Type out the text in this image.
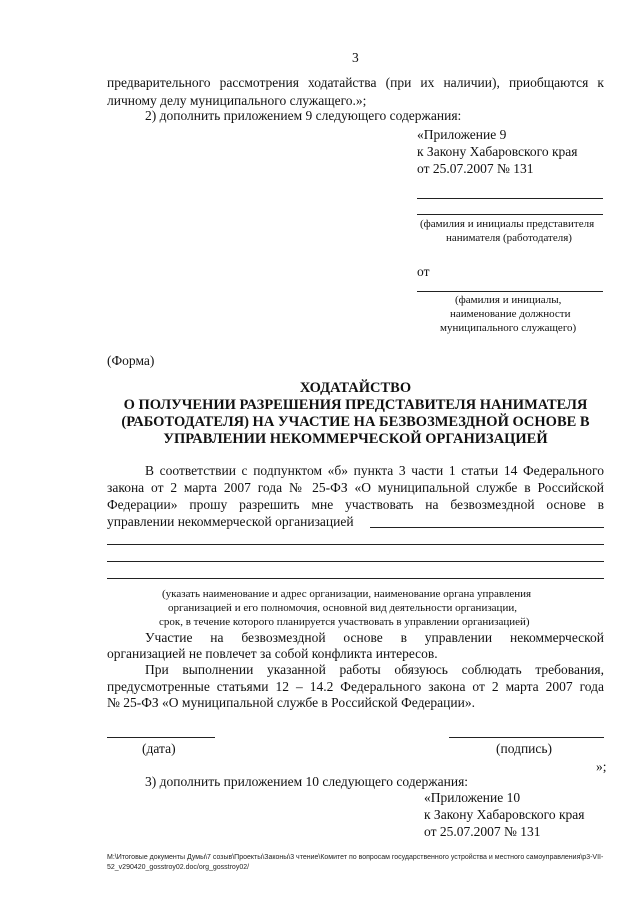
3
предварительного рассмотрения ходатайства (при их наличии), приобщаются к
личному делу муниципального служащего.»;
2) дополнить приложением 9 следующего содержания:
«Приложение 9
к Закону Хабаровского края
от 25.07.2007 № 131
(фамилия и инициалы представителя
нанимателя (работодателя)
от
(фамилия и инициалы,
наименование должности
муниципального служащего)
(Форма)
ХОДАТАЙСТВО
О ПОЛУЧЕНИИ РАЗРЕШЕНИЯ ПРЕДСТАВИТЕЛЯ НАНИМАТЕЛЯ
(РАБОТОДАТЕЛЯ) НА УЧАСТИЕ НА БЕЗВОЗМЕЗДНОЙ ОСНОВЕ В
УПРАВЛЕНИИ НЕКОММЕРЧЕСКОЙ ОРГАНИЗАЦИЕЙ
В соответствии с подпунктом «б» пункта 3 части 1 статьи 14 Федерального
закона от 2 марта 2007 года № 25-ФЗ «О муниципальной службе в Российской
Федерации» прошу разрешить мне участвовать на безвозмездной основе в
управлении некоммерческой организацией
(указать наименование и адрес организации, наименование органа управления
организацией и его полномочия, основной вид деятельности организации,
срок, в течение которого планируется участвовать в управлении организацией)
Участие на безвозмездной основе в управлении некоммерческой
организацией не повлечет за собой конфликта интересов.
При выполнении указанной работы обязуюсь соблюдать требования,
предусмотренные статьями 12 – 14.2 Федерального закона от 2 марта 2007 года
№ 25-ФЗ «О муниципальной службе в Российской Федерации».
(дата)	(подпись)
»;
3) дополнить приложением 10 следующего содержания:
«Приложение 10
к Закону Хабаровского края
от 25.07.2007 № 131
M:\Итоговые документы Думы\7 созыв\Проекты\Законы\3 чтение\Комитет по вопросам государственного устройства и местного самоуправления\р3-VII-
52_v290420_gosstroy02.doc/org_gosstroy02/
